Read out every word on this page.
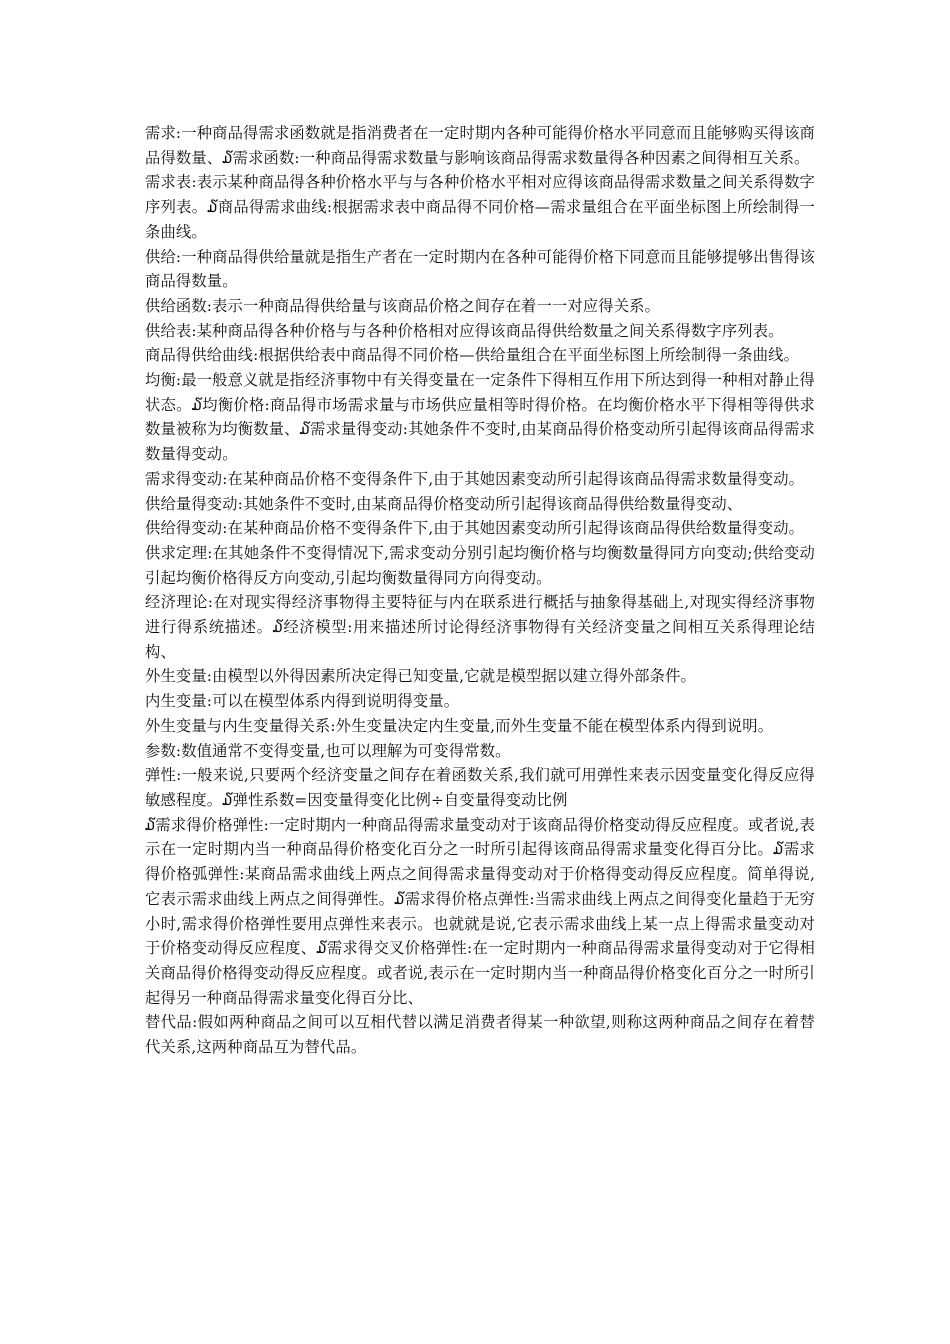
需求:一种商品得需求函数就是指消费者在一定时期内各种可能得价格水平同意而且能够购买得该商品得数量、໓需求函数:一种商品得需求数量与影响该商品得需求数量得各种因素之间得相互关系。

需求表:表示某种商品得各种价格水平与与各种价格水平相对应得该商品得需求数量之间关系得数字序列表。໓商品得需求曲线:根据需求表中商品得不同价格—需求量组合在平面坐标图上所绘制得一条曲线。

供给:一种商品得供给量就是指生产者在一定时期内在各种可能得价格下同意而且能够提够出售得该商品得数量。

供给函数:表示一种商品得供给量与该商品价格之间存在着一一对应得关系。

供给表:某种商品得各种价格与与各种价格相对应得该商品得供给数量之间关系得数字序列表。

商品得供给曲线:根据供给表中商品得不同价格—供给量组合在平面坐标图上所绘制得一条曲线。

均衡:最一般意义就是指经济事物中有关得变量在一定条件下得相互作用下所达到得一种相对静止得状态。໓均衡价格:商品得市场需求量与市场供应量相等时得价格。在均衡价格水平下得相等得供求数量被称为均衡数量、໓需求量得变动:其她条件不变时,由某商品得价格变动所引起得该商品得需求数量得变动。

需求得变动:在某种商品价格不变得条件下,由于其她因素变动所引起得该商品得需求数量得变动。

供给量得变动:其她条件不变时,由某商品得价格变动所引起得该商品得供给数量得变动、

供给得变动:在某种商品价格不变得条件下,由于其她因素变动所引起得该商品得供给数量得变动。

供求定理:在其她条件不变得情况下,需求变动分别引起均衡价格与均衡数量得同方向变动;供给变动引起均衡价格得反方向变动,引起均衡数量得同方向得变动。

经济理论:在对现实得经济事物得主要特征与内在联系进行概括与抽象得基础上,对现实得经济事物进行得系统描述。໓经济模型:用来描述所讨论得经济事物得有关经济变量之间相互关系得理论结构、

外生变量:由模型以外得因素所决定得已知变量,它就是模型据以建立得外部条件。

内生变量:可以在模型体系内得到说明得变量。

外生变量与内生变量得关系:外生变量决定内生变量,而外生变量不能在模型体系内得到说明。

参数:数值通常不变得变量,也可以理解为可变得常数。

弹性:一般来说,只要两个经济变量之间存在着函数关系,我们就可用弹性来表示因变量变化得反应得敏感程度。໓弹性系数=因变量得变化比例÷自变量得变动比例

໓需求得价格弹性:一定时期内一种商品得需求量变动对于该商品得价格变动得反应程度。或者说,表示在一定时期内当一种商品得价格变化百分之一时所引起得该商品得需求量变化得百分比。໓需求得价格弧弹性:某商品需求曲线上两点之间得需求量得变动对于价格得变动得反应程度。简单得说,它表示需求曲线上两点之间得弹性。໓需求得价格点弹性:当需求曲线上两点之间得变化量趋于无穷小时,需求得价格弹性要用点弹性来表示。也就就是说,它表示需求曲线上某一点上得需求量变动对于价格变动得反应程度、໓需求得交叉价格弹性:在一定时期内一种商品得需求量得变动对于它得相关商品得价格得变动得反应程度。或者说,表示在一定时期内当一种商品得价格变化百分之一时所引起得另一种商品得需求量变化得百分比、

替代品:假如两种商品之间可以互相代替以满足消费者得某一种欲望,则称这两种商品之间存在着替代关系,这两种商品互为替代品。
